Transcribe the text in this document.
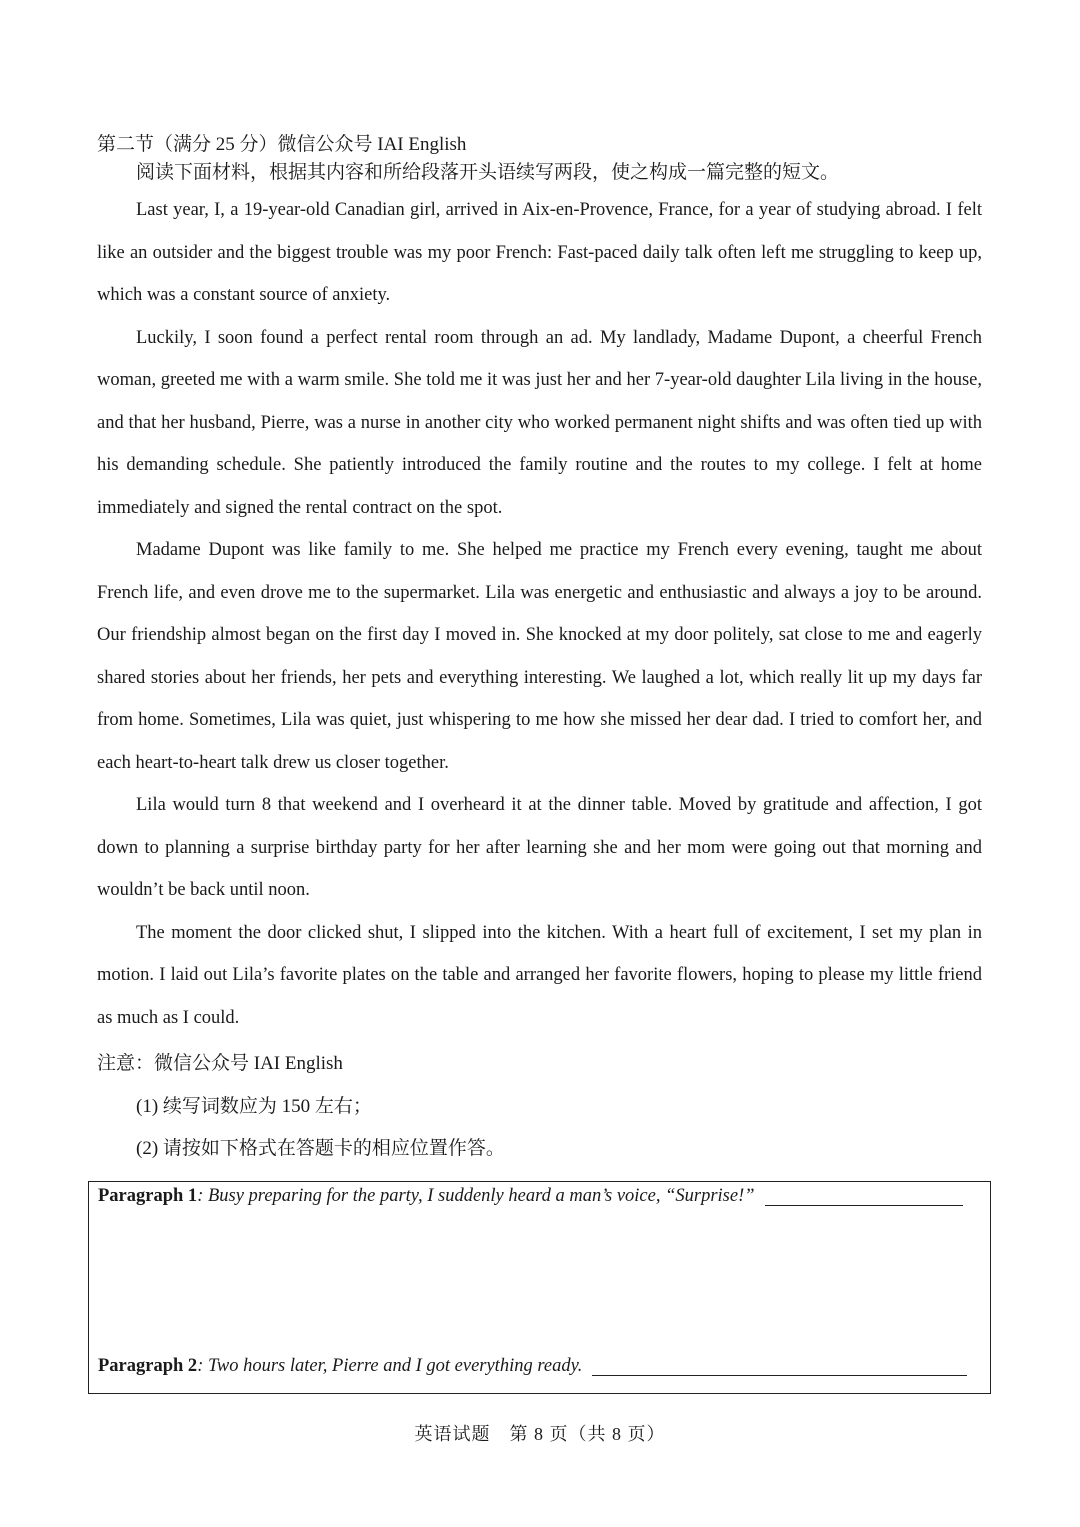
第二节（满分 25 分）微信公众号 IAI English
阅读下面材料，根据其内容和所给段落开头语续写两段，使之构成一篇完整的短文。

Last year, I, a 19-year-old Canadian girl, arrived in Aix-en-Provence, France, for a year of studying abroad. I felt like an outsider and the biggest trouble was my poor French: Fast-paced daily talk often left me struggling to keep up, which was a constant source of anxiety.

Luckily, I soon found a perfect rental room through an ad. My landlady, Madame Dupont, a cheerful French woman, greeted me with a warm smile. She told me it was just her and her 7-year-old daughter Lila living in the house, and that her husband, Pierre, was a nurse in another city who worked permanent night shifts and was often tied up with his demanding schedule. She patiently introduced the family routine and the routes to my college. I felt at home immediately and signed the rental contract on the spot.

Madame Dupont was like family to me. She helped me practice my French every evening, taught me about French life, and even drove me to the supermarket. Lila was energetic and enthusiastic and always a joy to be around. Our friendship almost began on the first day I moved in. She knocked at my door politely, sat close to me and eagerly shared stories about her friends, her pets and everything interesting. We laughed a lot, which really lit up my days far from home. Sometimes, Lila was quiet, just whispering to me how she missed her dear dad. I tried to comfort her, and each heart-to-heart talk drew us closer together.

Lila would turn 8 that weekend and I overheard it at the dinner table. Moved by gratitude and affection, I got down to planning a surprise birthday party for her after learning she and her mom were going out that morning and wouldn’t be back until noon.

The moment the door clicked shut, I slipped into the kitchen. With a heart full of excitement, I set my plan in motion. I laid out Lila’s favorite plates on the table and arranged her favorite flowers, hoping to please my little friend as much as I could.

注意：微信公众号 IAI English
(1) 续写词数应为 150 左右；
(2) 请按如下格式在答题卡的相应位置作答。
Paragraph 1 : Busy preparing for the party, I suddenly heard a man’s voice, “Surprise!”
Paragraph 2 : Two hours later, Pierre and I got everything ready.
英语试题　第 8 页（共 8 页）
